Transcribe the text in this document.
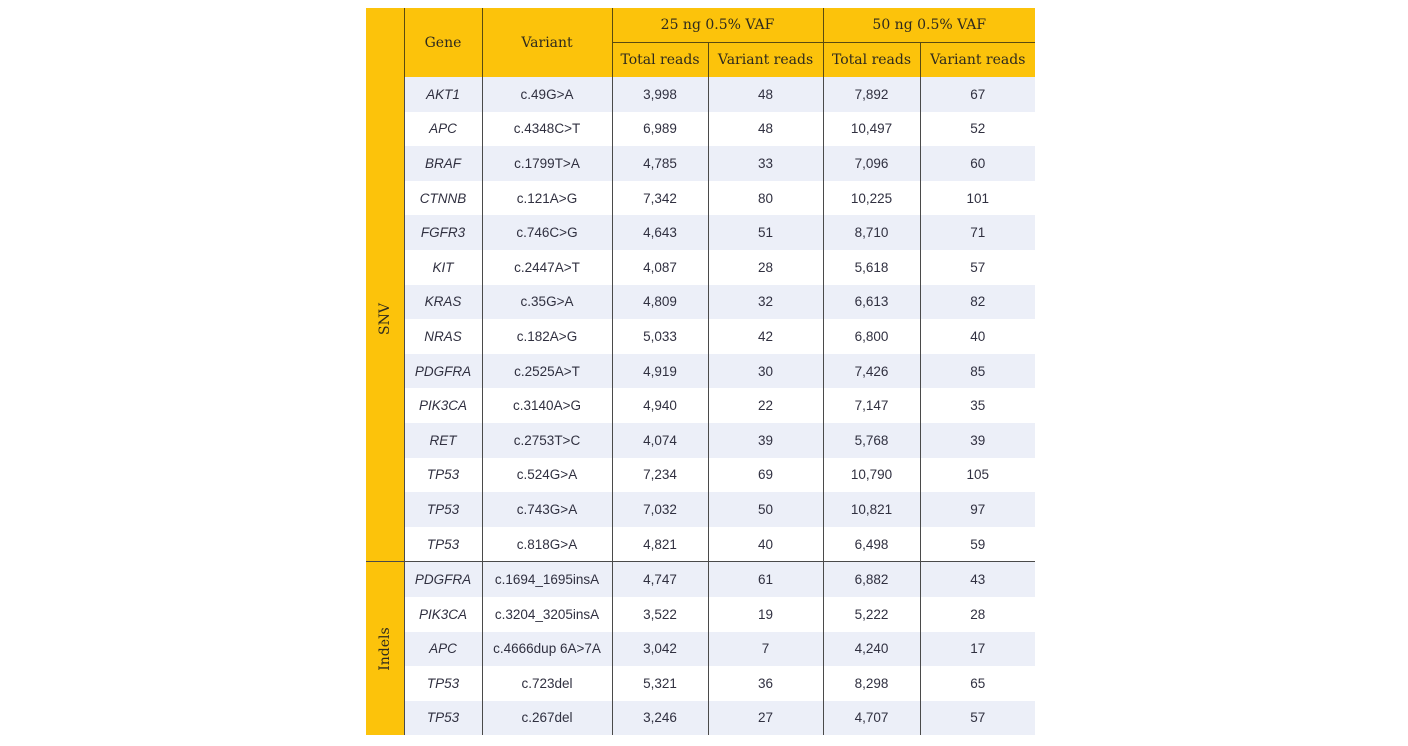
	Gene	Variant	25 ng 0.5% VAF		50 ng 0.5% VAF	
			Total reads	Variant reads	Total reads	Variant reads

SNV	AKT1	c.49G>A	3,998	48	7,892	67
	APC	c.4348C>T	6,989	48	10,497	52
	BRAF	c.1799T>A	4,785	33	7,096	60
	CTNNB	c.121A>G	7,342	80	10,225	101
	FGFR3	c.746C>G	4,643	51	8,710	71
	KIT	c.2447A>T	4,087	28	5,618	57
	KRAS	c.35G>A	4,809	32	6,613	82
	NRAS	c.182A>G	5,033	42	6,800	40
	PDGFRA	c.2525A>T	4,919	30	7,426	85
	PIK3CA	c.3140A>G	4,940	22	7,147	35
	RET	c.2753T>C	4,074	39	5,768	39
	TP53	c.524G>A	7,234	69	10,790	105
	TP53	c.743G>A	7,032	50	10,821	97
	TP53	c.818G>A	4,821	40	6,498	59

Indels	PDGFRA	c.1694_1695insA	4,747	61	6,882	43
	PIK3CA	c.3204_3205insA	3,522	19	5,222	28
	APC	c.4666dup 6A>7A	3,042	7	4,240	17
	TP53	c.723del	5,321	36	8,298	65
	TP53	c.267del	3,246	27	4,707	57
